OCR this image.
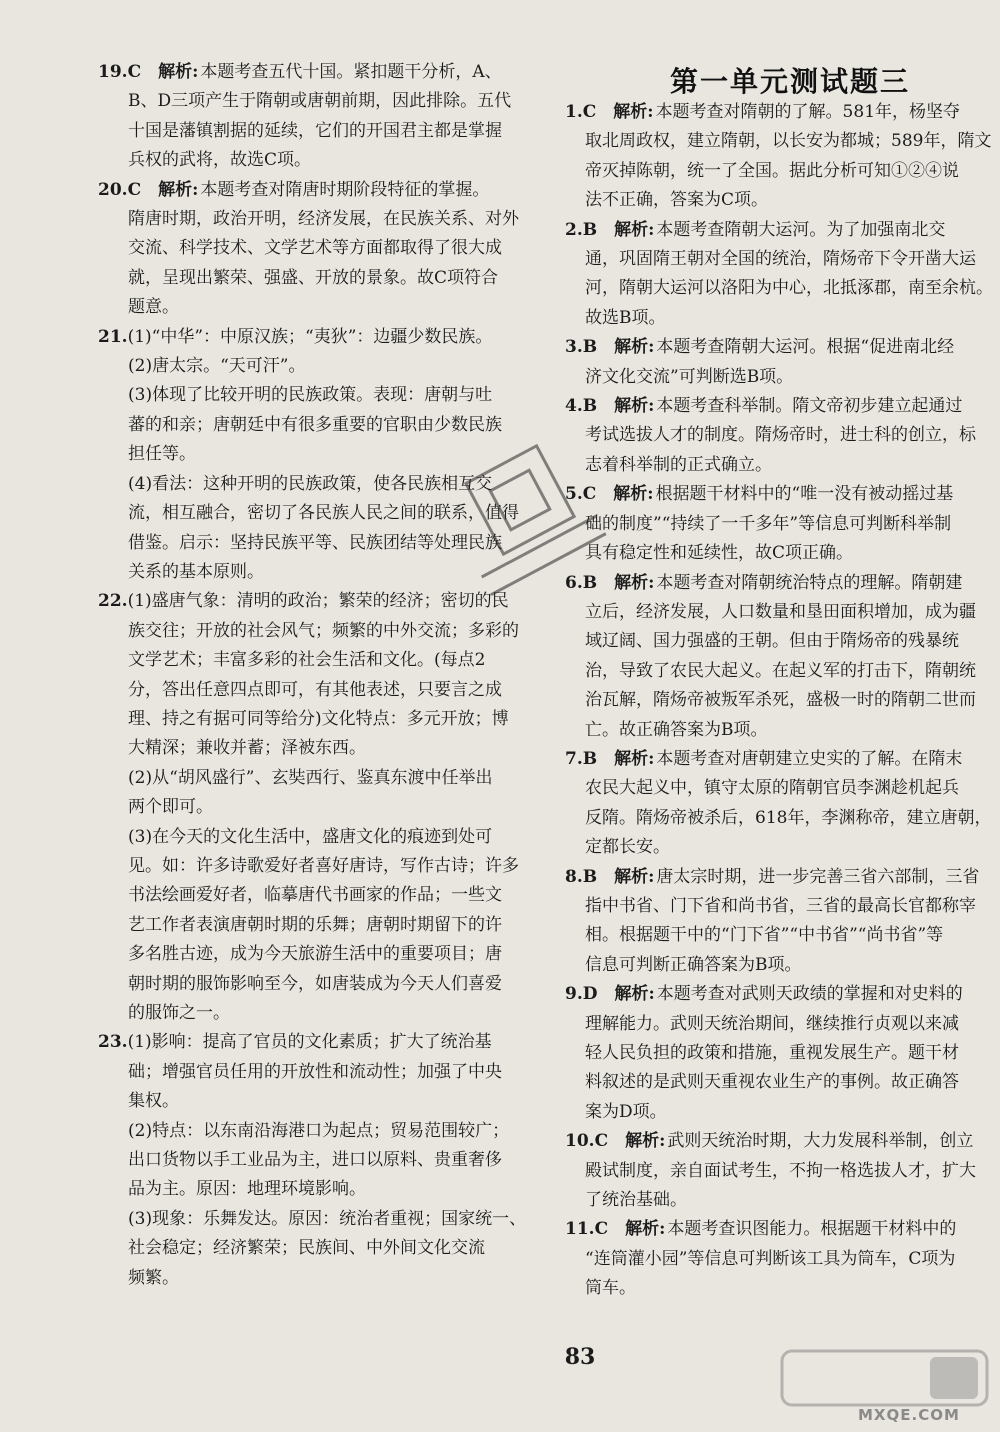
第一单元测试题三
19.C  解析: 本题考查五代十国。紧扣题干分析，A、
B、D三项产生于隋朝或唐朝前期，因此排除。五代
十国是藩镇割据的延续，它们的开国君主都是掌握
兵权的武将，故选C项。
20.C  解析: 本题考查对隋唐时期阶段特征的掌握。
隋唐时期，政治开明，经济发展，在民族关系、对外
交流、科学技术、文学艺术等方面都取得了很大成
就，呈现出繁荣、强盛、开放的景象。故C项符合
题意。
21.(1)“中华”：中原汉族；“夷狄”：边疆少数民族。
(2)唐太宗。“天可汗”。
(3)体现了比较开明的民族政策。表现：唐朝与吐
蕃的和亲；唐朝廷中有很多重要的官职由少数民族
担任等。
(4)看法：这种开明的民族政策，使各民族相互交
流，相互融合，密切了各民族人民之间的联系，值得
借鉴。启示：坚持民族平等、民族团结等处理民族
关系的基本原则。
22.(1)盛唐气象：清明的政治；繁荣的经济；密切的民
族交往；开放的社会风气；频繁的中外交流；多彩的
文学艺术；丰富多彩的社会生活和文化。(每点2
分，答出任意四点即可，有其他表述，只要言之成
理、持之有据可同等给分)文化特点：多元开放；博
大精深；兼收并蓄；泽被东西。
(2)从“胡风盛行”、玄奘西行、鉴真东渡中任举出
两个即可。
(3)在今天的文化生活中，盛唐文化的痕迹到处可
见。如：许多诗歌爱好者喜好唐诗，写作古诗；许多
书法绘画爱好者，临摹唐代书画家的作品；一些文
艺工作者表演唐朝时期的乐舞；唐朝时期留下的许
多名胜古迹，成为今天旅游生活中的重要项目；唐
朝时期的服饰影响至今，如唐装成为今天人们喜爱
的服饰之一。
23.(1)影响：提高了官员的文化素质；扩大了统治基
础；增强官员任用的开放性和流动性；加强了中央
集权。
(2)特点：以东南沿海港口为起点；贸易范围较广；
出口货物以手工业品为主，进口以原料、贵重奢侈
品为主。原因：地理环境影响。
(3)现象：乐舞发达。原因：统治者重视；国家统一、
社会稳定；经济繁荣；民族间、中外间文化交流
频繁。
1.C  解析: 本题考查对隋朝的了解。581年，杨坚夺
取北周政权，建立隋朝，以长安为都城；589年，隋文
帝灭掉陈朝，统一了全国。据此分析可知①②④说
法不正确，答案为C项。
2.B  解析: 本题考查隋朝大运河。为了加强南北交
通，巩固隋王朝对全国的统治，隋炀帝下令开凿大运
河，隋朝大运河以洛阳为中心，北抵涿郡，南至余杭。
故选B项。
3.B  解析: 本题考查隋朝大运河。根据“促进南北经
济文化交流”可判断选B项。
4.B  解析: 本题考查科举制。隋文帝初步建立起通过
考试选拔人才的制度。隋炀帝时，进士科的创立，标
志着科举制的正式确立。
5.C  解析: 根据题干材料中的“唯一没有被动摇过基
础的制度”“持续了一千多年”等信息可判断科举制
具有稳定性和延续性，故C项正确。
6.B  解析: 本题考查对隋朝统治特点的理解。隋朝建
立后，经济发展，人口数量和垦田面积增加，成为疆
域辽阔、国力强盛的王朝。但由于隋炀帝的残暴统
治，导致了农民大起义。在起义军的打击下，隋朝统
治瓦解，隋炀帝被叛军杀死，盛极一时的隋朝二世而
亡。故正确答案为B项。
7.B  解析: 本题考查对唐朝建立史实的了解。在隋末
农民大起义中，镇守太原的隋朝官员李渊趁机起兵
反隋。隋炀帝被杀后，618年，李渊称帝，建立唐朝，
定都长安。
8.B  解析: 唐太宗时期，进一步完善三省六部制，三省
指中书省、门下省和尚书省，三省的最高长官都称宰
相。根据题干中的“门下省”“中书省”“尚书省”等
信息可判断正确答案为B项。
9.D  解析: 本题考查对武则天政绩的掌握和对史料的
理解能力。武则天统治期间，继续推行贞观以来减
轻人民负担的政策和措施，重视发展生产。题干材
料叙述的是武则天重视农业生产的事例。故正确答
案为D项。
10.C  解析: 武则天统治时期，大力发展科举制，创立
殿试制度，亲自面试考生，不拘一格选拔人才，扩大
了统治基础。
11.C  解析: 本题考查识图能力。根据题干材料中的
“连筒灌小园”等信息可判断该工具为筒车，C项为
筒车。
MXQE.COM
83
